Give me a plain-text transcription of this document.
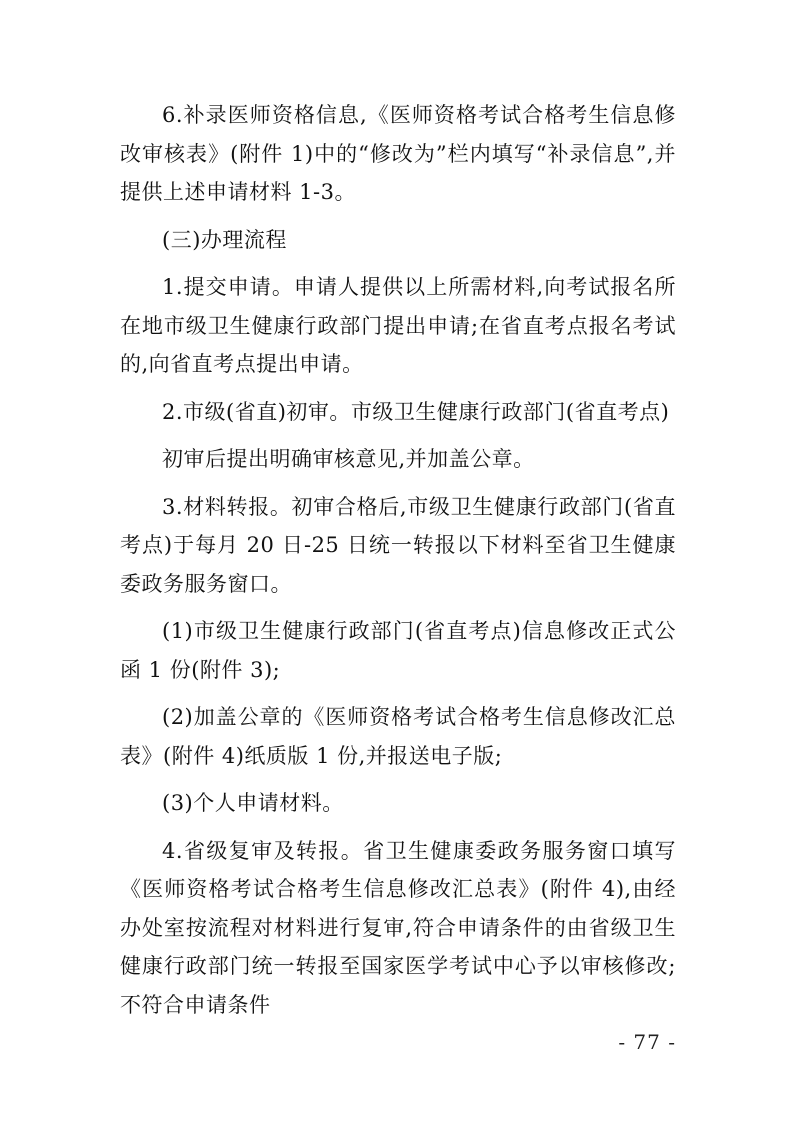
6.补录医师资格信息,《医师资格考试合格考生信息修改审核表》(附件 1)中的“修改为”栏内填写“补录信息”,并提供上述申请材料 1-3。

(三)办理流程

1.提交申请。申请人提供以上所需材料,向考试报名所在地市级卫生健康行政部门提出申请;在省直考点报名考试的,向省直考点提出申请。

2.市级(省直)初审。市级卫生健康行政部门(省直考点)

初审后提出明确审核意见,并加盖公章。

3.材料转报。初审合格后,市级卫生健康行政部门(省直考点)于每月 20 日-25 日统一转报以下材料至省卫生健康委政务服务窗口。

(1)市级卫生健康行政部门(省直考点)信息修改正式公函 1 份(附件 3);

(2)加盖公章的《医师资格考试合格考生信息修改汇总表》(附件 4)纸质版 1 份,并报送电子版;

(3)个人申请材料。

4.省级复审及转报。省卫生健康委政务服务窗口填写《医师资格考试合格考生信息修改汇总表》(附件 4),由经办处室按流程对材料进行复审,符合申请条件的由省级卫生健康行政部门统一转报至国家医学考试中心予以审核修改;不符合申请条件

- 77 -
